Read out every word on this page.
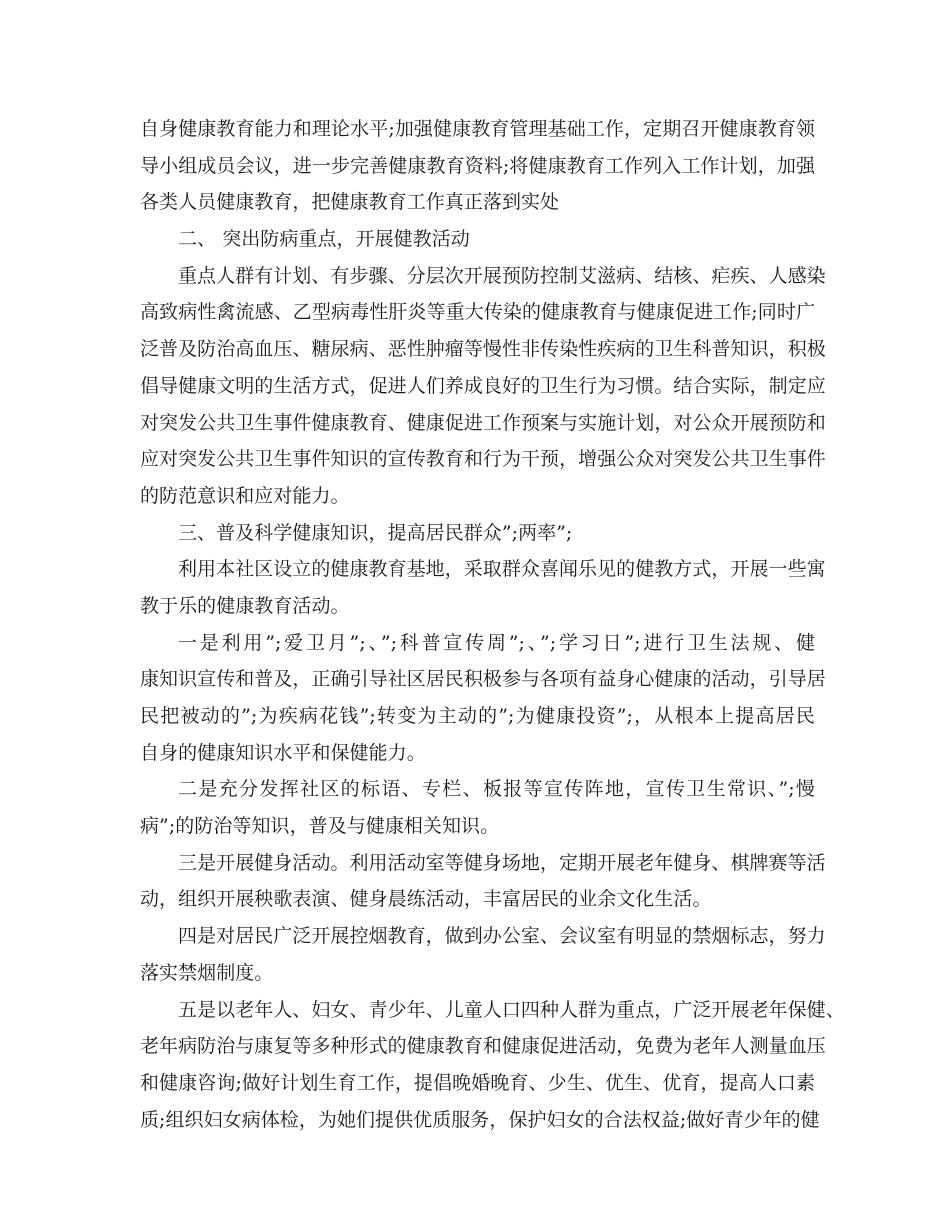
自身健康教育能力和理论水平;加强健康教育管理基础工作，定期召开健康教育领
导小组成员会议，进一步完善健康教育资料;将健康教育工作列入工作计划，加强
各类人员健康教育，把健康教育工作真正落到实处
二、 突出防病重点，开展健教活动
重点人群有计划、有步骤、分层次开展预防控制艾滋病、结核、疟疾、人感染
高致病性禽流感、乙型病毒性肝炎等重大传染的健康教育与健康促进工作;同时广
泛普及防治高血压、糖尿病、恶性肿瘤等慢性非传染性疾病的卫生科普知识，积极
倡导健康文明的生活方式，促进人们养成良好的卫生行为习惯。结合实际，制定应
对突发公共卫生事件健康教育、健康促进工作预案与实施计划，对公众开展预防和
应对突发公共卫生事件知识的宣传教育和行为干预，增强公众对突发公共卫生事件
的防范意识和应对能力。
三、普及科学健康知识，提高居民群众”;两率”;
利用本社区设立的健康教育基地，采取群众喜闻乐见的健教方式，开展一些寓
教于乐的健康教育活动。
一是利用”;爱卫月”;、”;科普宣传周”;、”;学习日”;进行卫生法规、健
康知识宣传和普及，正确引导社区居民积极参与各项有益身心健康的活动，引导居
民把被动的”;为疾病花钱”;转变为主动的”;为健康投资”;，从根本上提高居民
自身的健康知识水平和保健能力。
二是充分发挥社区的标语、专栏、板报等宣传阵地，宣传卫生常识、”;慢
病”;的防治等知识，普及与健康相关知识。
三是开展健身活动。利用活动室等健身场地，定期开展老年健身、棋牌赛等活
动，组织开展秧歌表演、健身晨练活动，丰富居民的业余文化生活。
四是对居民广泛开展控烟教育，做到办公室、会议室有明显的禁烟标志，努力
落实禁烟制度。
五是以老年人、妇女、青少年、儿童人口四种人群为重点，广泛开展老年保健、
老年病防治与康复等多种形式的健康教育和健康促进活动，免费为老年人测量血压
和健康咨询;做好计划生育工作，提倡晚婚晚育、少生、优生、优育，提高人口素
质;组织妇女病体检，为她们提供优质服务，保护妇女的合法权益;做好青少年的健
